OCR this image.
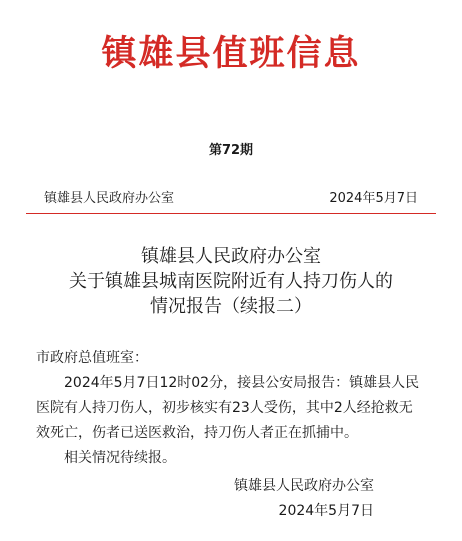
镇雄县值班信息
第72期
镇雄县人民政府办公室	2024年5月7日
镇雄县人民政府办公室
关于镇雄县城南医院附近有人持刀伤人的
情况报告（续报二）
市政府总值班室：
2024年5月7日12时02分，接县公安局报告：镇雄县人民
医院有人持刀伤人，初步核实有23人受伤，其中2人经抢救无
效死亡，伤者已送医救治，持刀伤人者正在抓捕中。
相关情况待续报。
镇雄县人民政府办公室
2024年5月7日
